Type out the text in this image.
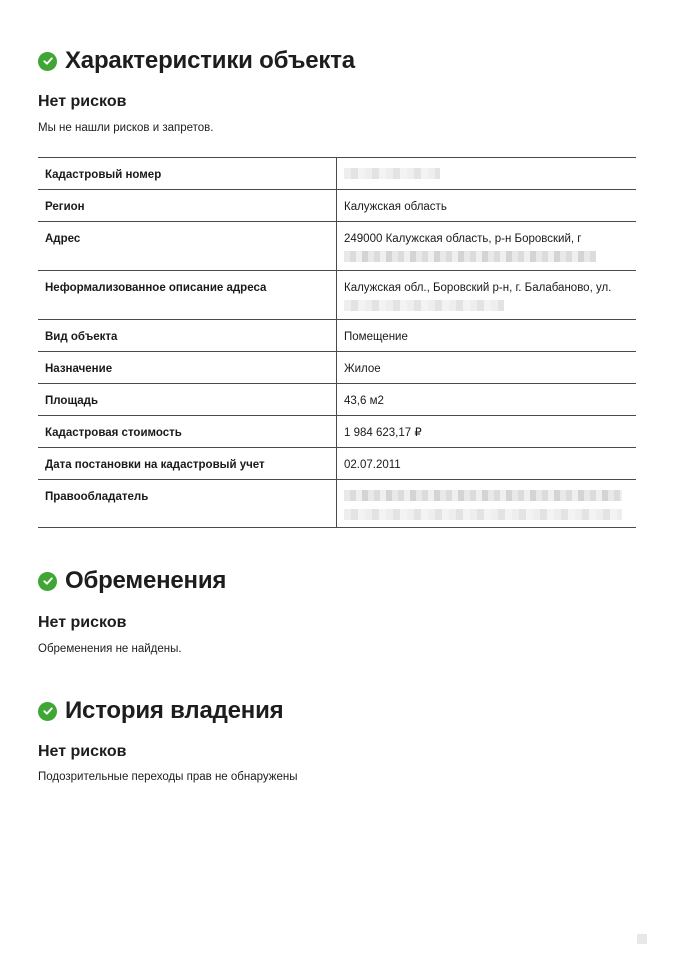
Характеристики объекта

Нет рисков

Мы не нашли рисков и запретов.

Кадастровый номер	

Регион	Калужская область
Адрес	249000 Калужская область, р-н Боровский, г

Неформализованное описание адреса	Калужская обл., Боровский р-н, г. Балабаново, ул.

Вид объекта	Помещение
Назначение	Жилое
Площадь	43,6 м2
Кадастровая стоимость	1 984 623,17 ₽
Дата постановки на кадастровый учет	02.07.2011
Правообладатель	
Обременения

Нет рисков

Обременения не найдены.

История владения

Нет рисков

Подозрительные переходы прав не обнаружены
